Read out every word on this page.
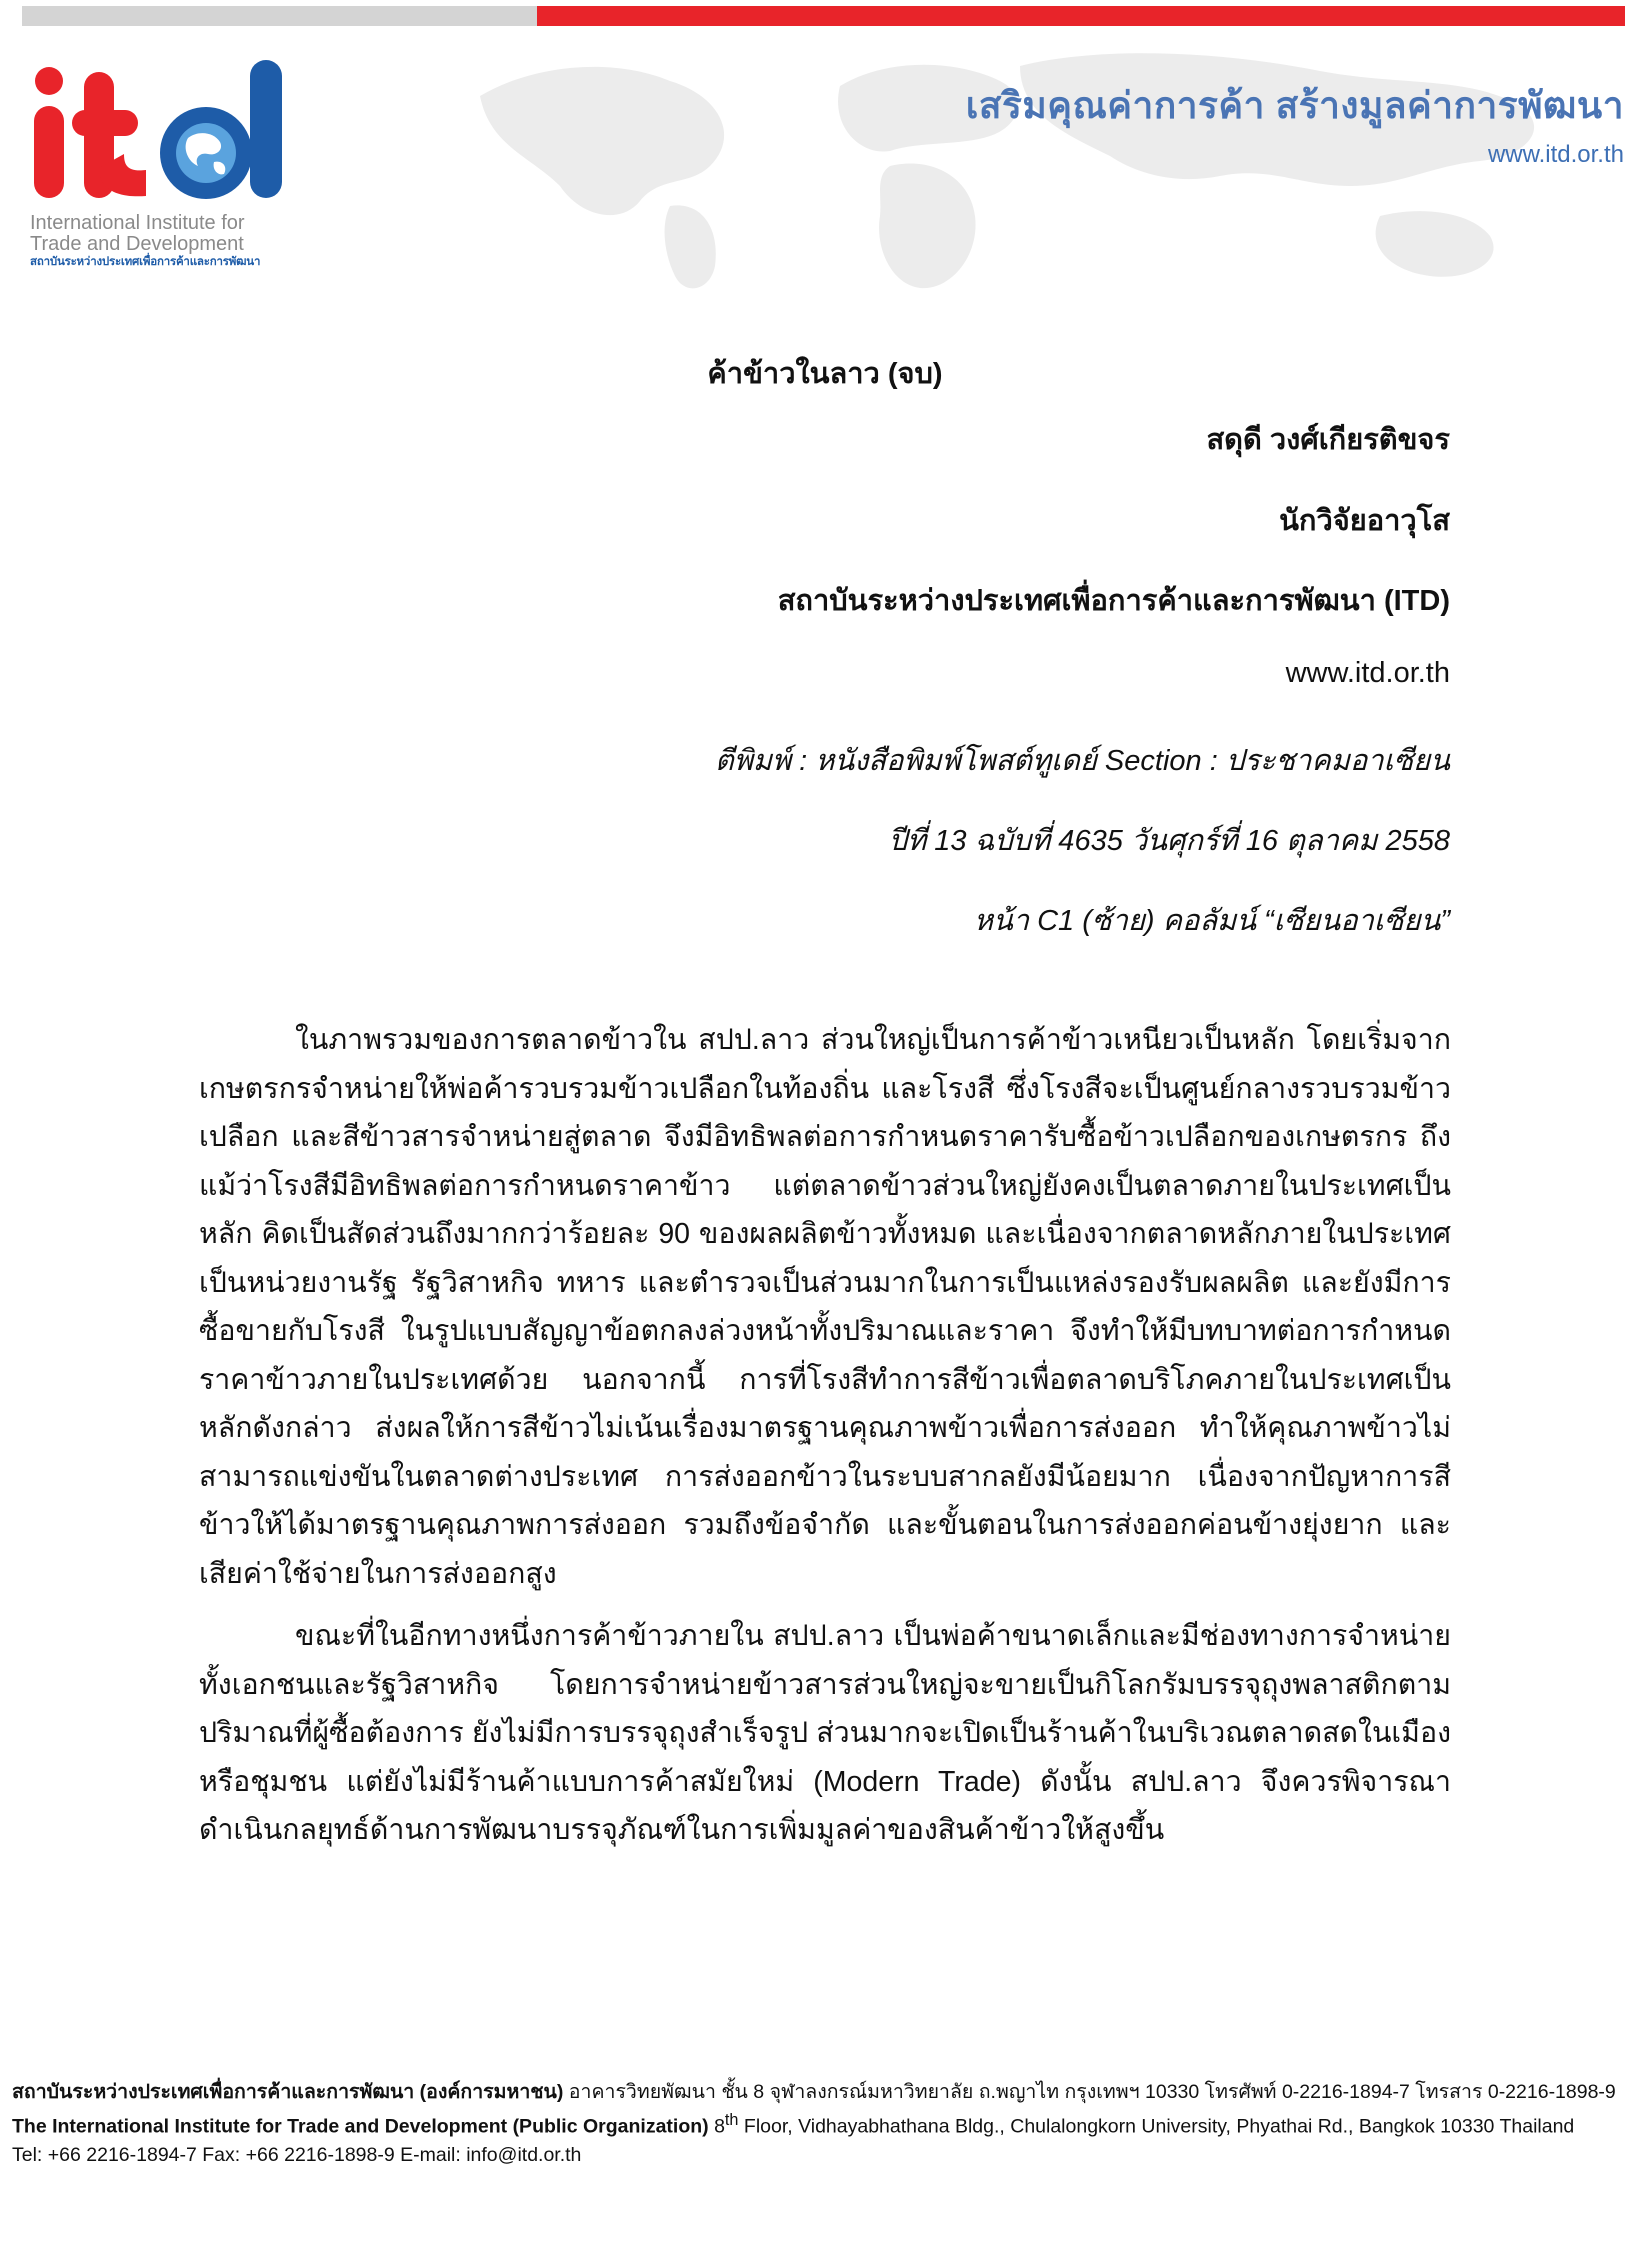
International Institute for
Trade and Development
สถาบันระหว่างประเทศเพื่อการค้าและการพัฒนา
เสริมคุณค่าการค้า สร้างมูลค่าการพัฒนา
www.itd.or.th
ค้าข้าวในลาว (จบ)
สดุดี วงศ์เกียรติขจร
นักวิจัยอาวุโส
สถาบันระหว่างประเทศเพื่อการค้าและการพัฒนา (ITD)
www.itd.or.th
ตีพิมพ์ : หนังสือพิมพ์โพสต์ทูเดย์ Section : ประชาคมอาเซียน
ปีที่ 13 ฉบับที่ 4635 วันศุกร์ที่ 16 ตุลาคม 2558
หน้า C1 (ซ้าย) คอลัมน์ “เซียนอาเซียน”

ในภาพรวมของการตลาดข้าวใน สปป.ลาว ส่วนใหญ่เป็นการค้าข้าวเหนียวเป็นหลัก โดยเริ่มจากเกษตรกรจำหน่ายให้พ่อค้ารวบรวมข้าวเปลือกในท้องถิ่น และโรงสี ซึ่งโรงสีจะเป็นศูนย์กลางรวบรวมข้าวเปลือก และสีข้าวสารจำหน่ายสู่ตลาด จึงมีอิทธิพลต่อการกำหนดราคารับซื้อข้าวเปลือกของเกษตรกร ถึงแม้ว่าโรงสีมีอิทธิพลต่อการกำหนดราคาข้าว แต่ตลาดข้าวส่วนใหญ่ยังคงเป็นตลาดภายในประเทศเป็นหลัก คิดเป็นสัดส่วนถึงมากกว่าร้อยละ 90 ของผลผลิตข้าวทั้งหมด และเนื่องจากตลาดหลักภายในประเทศเป็นหน่วยงานรัฐ รัฐวิสาหกิจ ทหาร และตำรวจเป็นส่วนมากในการเป็นแหล่งรองรับผลผลิต และยังมีการซื้อขายกับโรงสี ในรูปแบบสัญญาข้อตกลงล่วงหน้าทั้งปริมาณและราคา จึงทำให้มีบทบาทต่อการกำหนดราคาข้าวภายในประเทศด้วย นอกจากนี้ การที่โรงสีทำการสีข้าวเพื่อตลาดบริโภคภายในประเทศเป็นหลักดังกล่าว ส่งผลให้การสีข้าวไม่เน้นเรื่องมาตรฐานคุณภาพข้าวเพื่อการส่งออก ทำให้คุณภาพข้าวไม่สามารถแข่งขันในตลาดต่างประเทศ การส่งออกข้าวในระบบสากลยังมีน้อยมาก เนื่องจากปัญหาการสีข้าวให้ได้มาตรฐานคุณภาพการส่งออก รวมถึงข้อจำกัด และขั้นตอนในการส่งออกค่อนข้างยุ่งยาก และเสียค่าใช้จ่ายในการส่งออกสูง

ขณะที่ในอีกทางหนึ่งการค้าข้าวภายใน สปป.ลาว เป็นพ่อค้าขนาดเล็กและมีช่องทางการจำหน่ายทั้งเอกชนและรัฐวิสาหกิจ โดยการจำหน่ายข้าวสารส่วนใหญ่จะขายเป็นกิโลกรัมบรรจุถุงพลาสติกตามปริมาณที่ผู้ซื้อต้องการ ยังไม่มีการบรรจุถุงสำเร็จรูป ส่วนมากจะเปิดเป็นร้านค้าในบริเวณตลาดสดในเมืองหรือชุมชน แต่ยังไม่มีร้านค้าแบบการค้าสมัยใหม่ (Modern Trade) ดังนั้น สปป.ลาว จึงควรพิจารณาดำเนินกลยุทธ์ด้านการพัฒนาบรรจุภัณฑ์ในการเพิ่มมูลค่าของสินค้าข้าวให้สูงขึ้น

สถาบันระหว่างประเทศเพื่อการค้าและการพัฒนา (องค์การมหาชน) อาคารวิทยพัฒนา ชั้น 8 จุฬาลงกรณ์มหาวิทยาลัย ถ.พญาไท กรุงเทพฯ 10330 โทรศัพท์ 0-2216-1894-7 โทรสาร 0-2216-1898-9
The International Institute for Trade and Development (Public Organization) 8th Floor, Vidhayabhathana Bldg., Chulalongkorn University, Phyathai Rd., Bangkok 10330 Thailand
Tel: +66 2216-1894-7 Fax: +66 2216-1898-9 E-mail: info@itd.or.th
